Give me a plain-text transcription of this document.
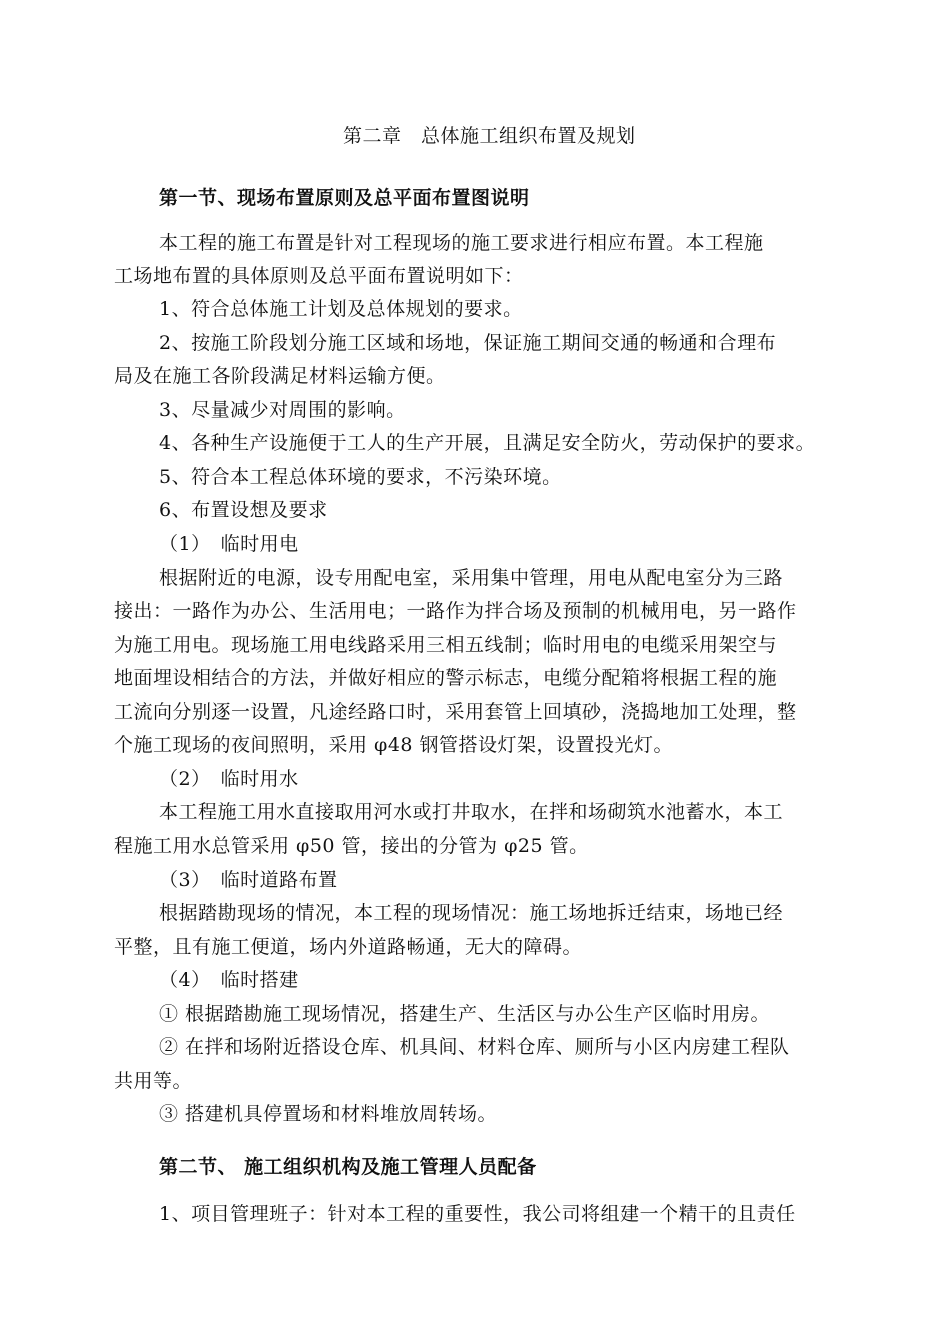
第二章　总体施工组织布置及规划
第一节、现场布置原则及总平面布置图说明
本工程的施工布置是针对工程现场的施工要求进行相应布置。本工程施
工场地布置的具体原则及总平面布置说明如下：
1、符合总体施工计划及总体规划的要求。
2、按施工阶段划分施工区域和场地，保证施工期间交通的畅通和合理布
局及在施工各阶段满足材料运输方便。
3、尽量减少对周围的影响。
4、各种生产设施便于工人的生产开展，且满足安全防火，劳动保护的要求。
5、符合本工程总体环境的要求，不污染环境。
6、布置设想及要求
（1）　临时用电
根据附近的电源，设专用配电室，采用集中管理，用电从配电室分为三路
接出：一路作为办公、生活用电；一路作为拌合场及预制的机械用电，另一路作
为施工用电。现场施工用电线路采用三相五线制；临时用电的电缆采用架空与
地面埋设相结合的方法，并做好相应的警示标志，电缆分配箱将根据工程的施
工流向分别逐一设置，凡途经路口时，采用套管上回填砂，浇捣地加工处理，整
个施工现场的夜间照明，采用 φ48 钢管搭设灯架，设置投光灯。
（2）　临时用水
本工程施工用水直接取用河水或打井取水，在拌和场砌筑水池蓄水，本工
程施工用水总管采用 φ50 管，接出的分管为 φ25 管。
（3）　临时道路布置
根据踏勘现场的情况，本工程的现场情况：施工场地拆迁结束，场地已经
平整，且有施工便道，场内外道路畅通，无大的障碍。
（4）　临时搭建
① 根据踏勘施工现场情况，搭建生产、生活区与办公生产区临时用房。
② 在拌和场附近搭设仓库、机具间、材料仓库、厕所与小区内房建工程队
共用等。
③ 搭建机具停置场和材料堆放周转场。
第二节、 施工组织机构及施工管理人员配备
1、项目管理班子：针对本工程的重要性，我公司将组建一个精干的且责任
